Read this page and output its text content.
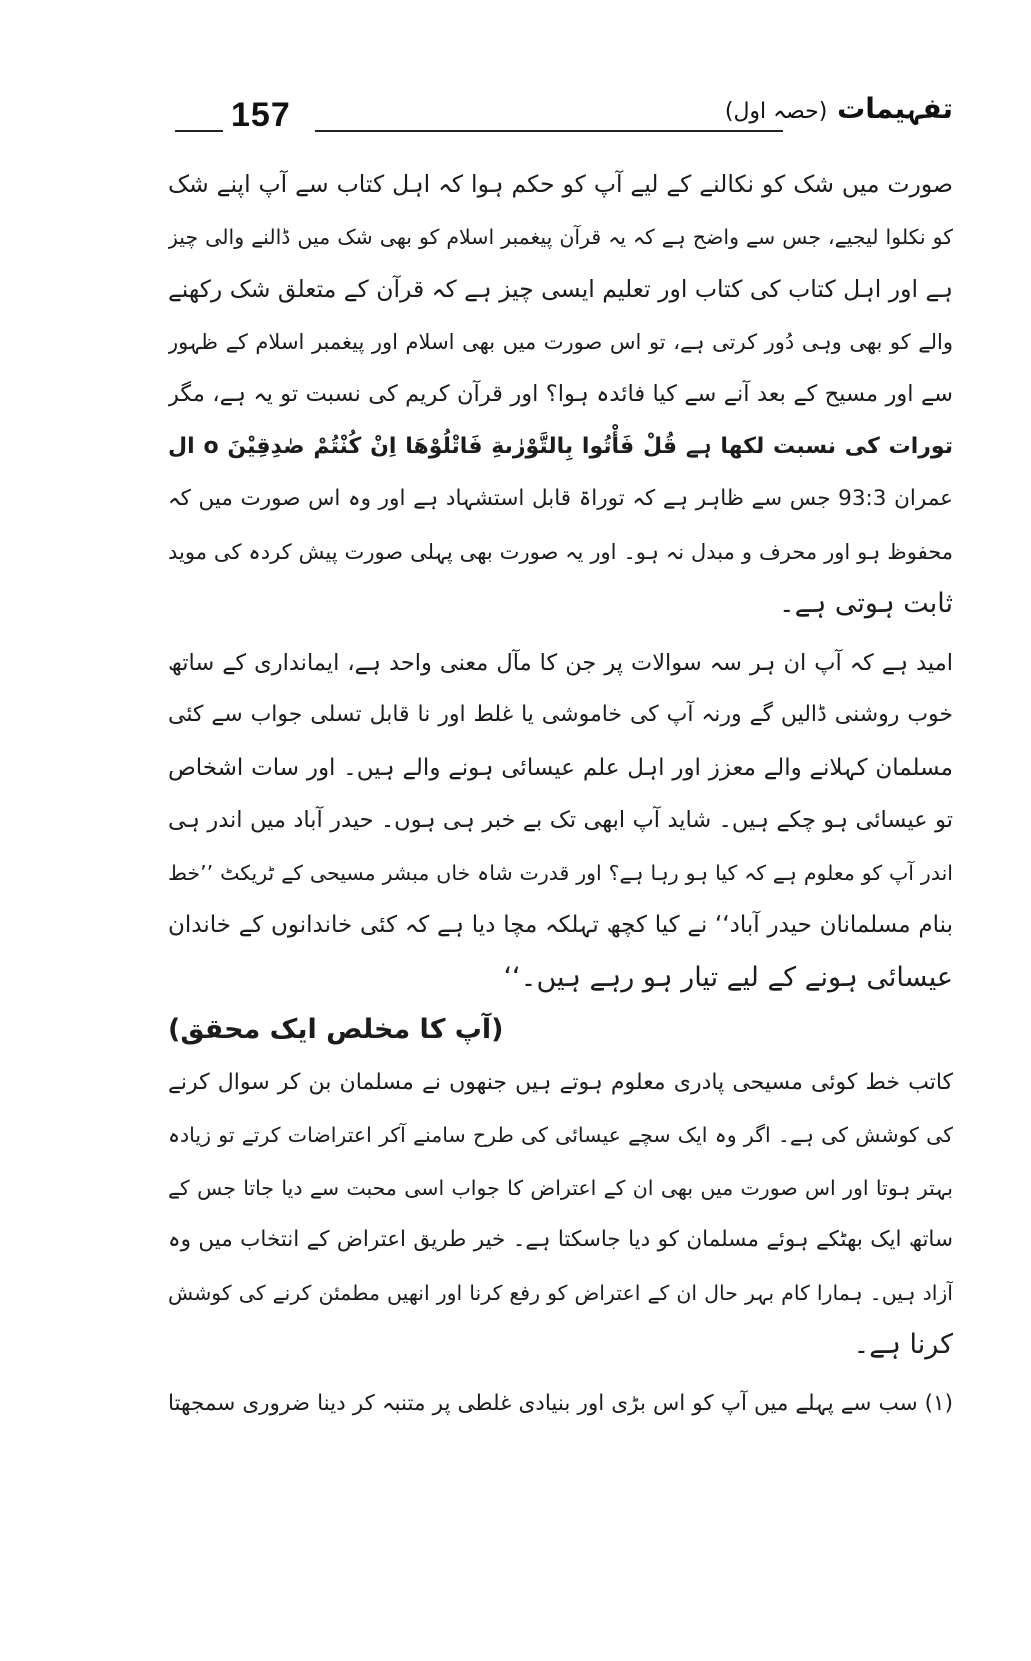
157	تفہیمات (حصہ اول)

صورت میں شک کو نکالنے کے لیے آپ کو حکم ہوا کہ اہل کتاب سے آپ اپنے شک
کو نکلوا لیجیے، جس سے واضح ہے کہ یہ قرآن پیغمبر اسلام کو بھی شک میں ڈالنے والی چیز
ہے اور اہل کتاب کی کتاب اور تعلیم ایسی چیز ہے کہ قرآن کے متعلق شک رکھنے
والے کو بھی وہی دُور کرتی ہے، تو اس صورت میں بھی اسلام اور پیغمبر اسلام کے ظہور
سے اور مسیح کے بعد آنے سے کیا فائدہ ہوا؟ اور قرآن کریم کی نسبت تو یہ ہے، مگر
تورات کی نسبت لکھا ہے قُلْ فَأْتُوا بِالتَّوْرٰىةِ فَاتْلُوْهَا اِنْ كُنْتُمْ صٰدِقِيْنَ o ال
عمران 93:3 جس سے ظاہر ہے کہ توراۃ قابل استشہاد ہے اور وہ اس صورت میں کہ
محفوظ ہو اور محرف و مبدل نہ ہو۔ اور یہ صورت بھی پہلی صورت پیش کردہ کی موید
ثابت ہوتی ہے۔

امید ہے کہ آپ ان ہر سہ سوالات پر جن کا مآل معنی واحد ہے، ایمانداری کے ساتھ
خوب روشنی ڈالیں گے ورنہ آپ کی خاموشی یا غلط اور نا قابل تسلی جواب سے کئی
مسلمان کہلانے والے معزز اور اہل علم عیسائی ہونے والے ہیں۔ اور سات اشخاص
تو عیسائی ہو چکے ہیں۔ شاید آپ ابھی تک بے خبر ہی ہوں۔ حیدر آباد میں اندر ہی
اندر آپ کو معلوم ہے کہ کیا ہو رہا ہے؟ اور قدرت شاہ خاں مبشر مسیحی کے ٹریکٹ ’’خط
بنام مسلمانان حیدر آباد‘‘ نے کیا کچھ تہلکہ مچا دیا ہے کہ کئی خاندانوں کے خاندان
عیسائی ہونے کے لیے تیار ہو رہے ہیں۔‘‘
(آپ کا مخلص ایک محقق)

کاتب خط کوئی مسیحی پادری معلوم ہوتے ہیں جنھوں نے مسلمان بن کر سوال کرنے
کی کوشش کی ہے۔ اگر وہ ایک سچے عیسائی کی طرح سامنے آکر اعتراضات کرتے تو زیادہ
بہتر ہوتا اور اس صورت میں بھی ان کے اعتراض کا جواب اسی محبت سے دیا جاتا جس کے
ساتھ ایک بھٹکے ہوئے مسلمان کو دیا جاسکتا ہے۔ خیر طریق اعتراض کے انتخاب میں وہ
آزاد ہیں۔ ہمارا کام بہر حال ان کے اعتراض کو رفع کرنا اور انھیں مطمئن کرنے کی کوشش
کرنا ہے۔

(۱) سب سے پہلے میں آپ کو اس بڑی اور بنیادی غلطی پر متنبہ کر دینا ضروری سمجھتا
